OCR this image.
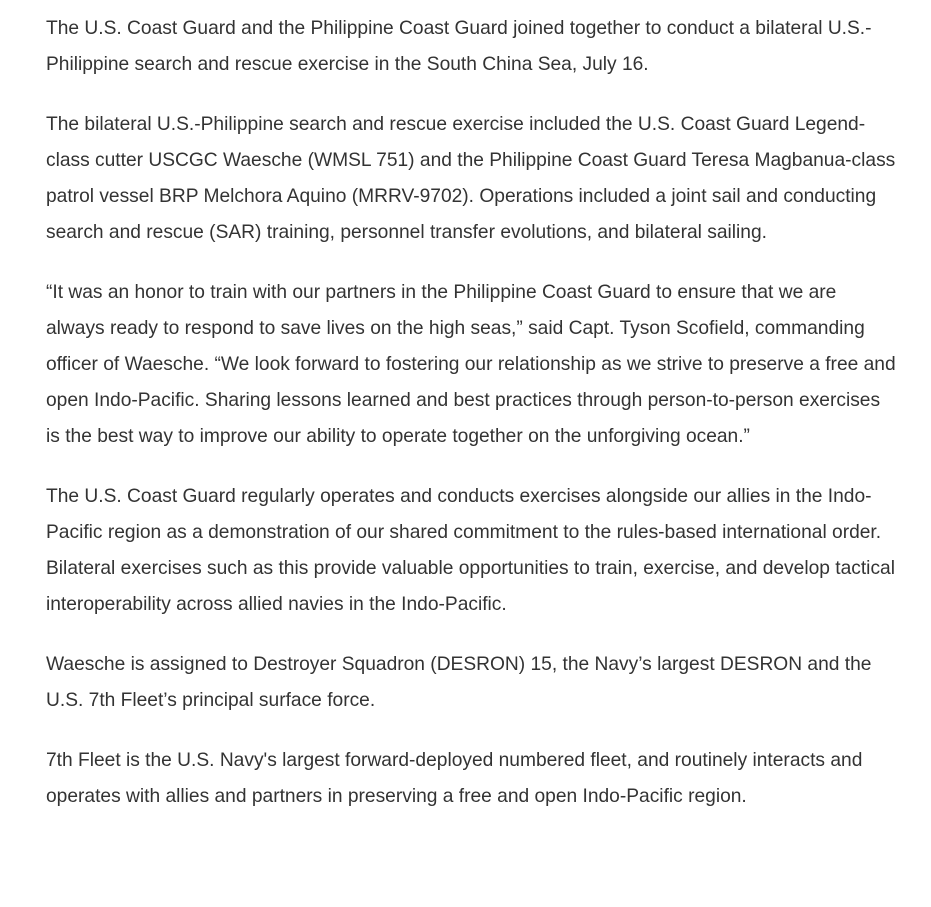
The U.S. Coast Guard and the Philippine Coast Guard joined together to conduct a bilateral U.S.-Philippine search and rescue exercise in the South China Sea, July 16.

The bilateral U.S.-Philippine search and rescue exercise included the U.S. Coast Guard Legend-class cutter USCGC Waesche (WMSL 751) and the Philippine Coast Guard Teresa Magbanua-class patrol vessel BRP Melchora Aquino (MRRV-9702). Operations included a joint sail and conducting search and rescue (SAR) training, personnel transfer evolutions, and bilateral sailing.

“It was an honor to train with our partners in the Philippine Coast Guard to ensure that we are always ready to respond to save lives on the high seas,” said Capt. Tyson Scofield, commanding officer of Waesche. “We look forward to fostering our relationship as we strive to preserve a free and open Indo-Pacific. Sharing lessons learned and best practices through person-to-person exercises is the best way to improve our ability to operate together on the unforgiving ocean.”

The U.S. Coast Guard regularly operates and conducts exercises alongside our allies in the Indo-Pacific region as a demonstration of our shared commitment to the rules-based international order. Bilateral exercises such as this provide valuable opportunities to train, exercise, and develop tactical interoperability across allied navies in the Indo-Pacific.

Waesche is assigned to Destroyer Squadron (DESRON) 15, the Navy’s largest DESRON and the U.S. 7th Fleet’s principal surface force.

7th Fleet is the U.S. Navy's largest forward-deployed numbered fleet, and routinely interacts and operates with allies and partners in preserving a free and open Indo-Pacific region.
